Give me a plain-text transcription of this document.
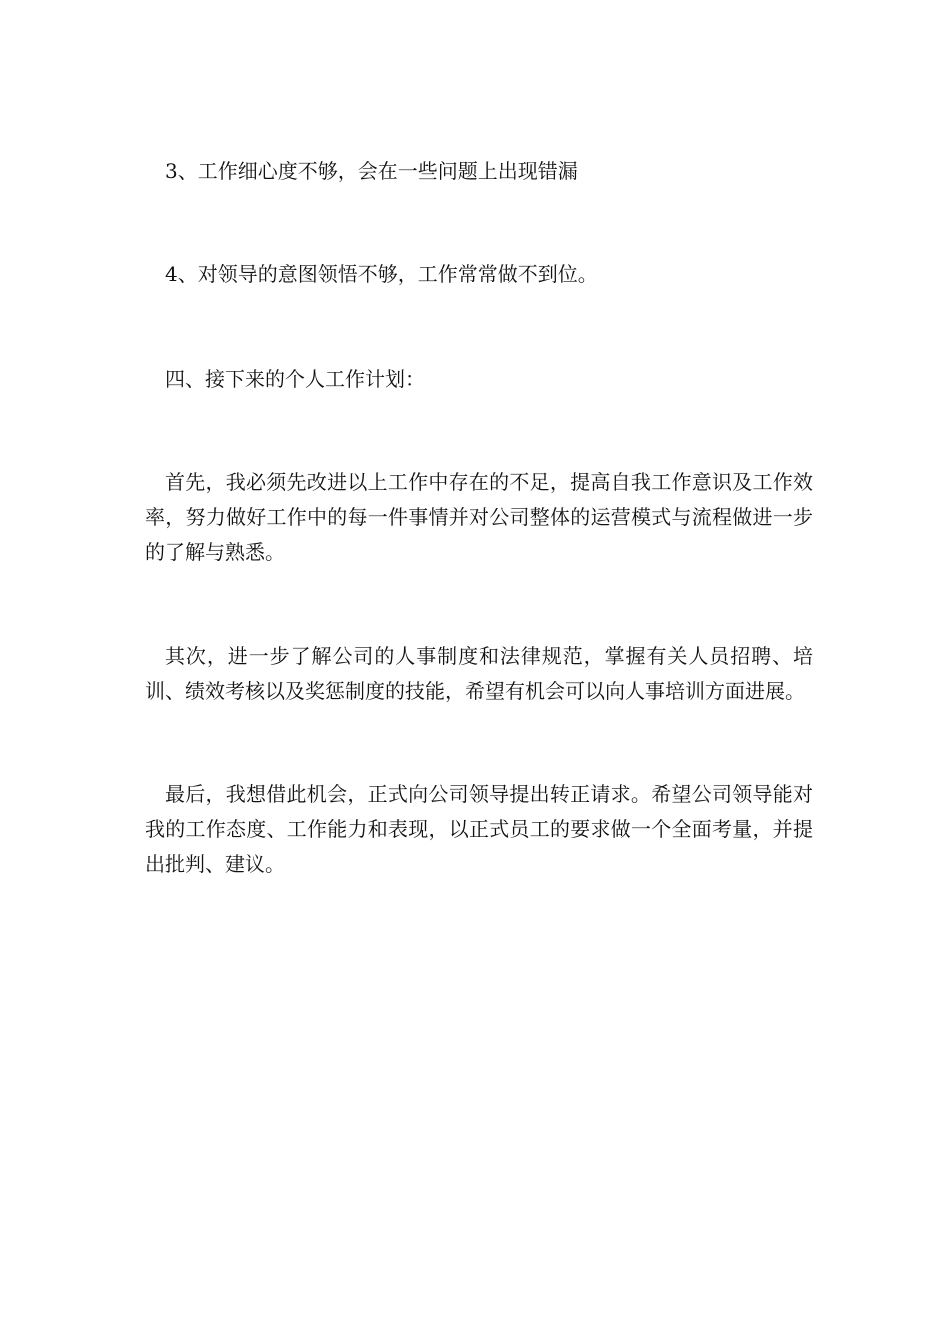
3、工作细心度不够，会在一些问题上出现错漏

4、对领导的意图领悟不够，工作常常做不到位。

四、接下来的个人工作计划：

首先，我必须先改进以上工作中存在的不足，提高自我工作意识及工作效率，努力做好工作中的每一件事情并对公司整体的运营模式与流程做进一步的了解与熟悉。

其次，进一步了解公司的人事制度和法律规范，掌握有关人员招聘、培训、绩效考核以及奖惩制度的技能，希望有机会可以向人事培训方面进展。

最后，我想借此机会，正式向公司领导提出转正请求。希望公司领导能对我的工作态度、工作能力和表现，以正式员工的要求做一个全面考量，并提出批判、建议。
